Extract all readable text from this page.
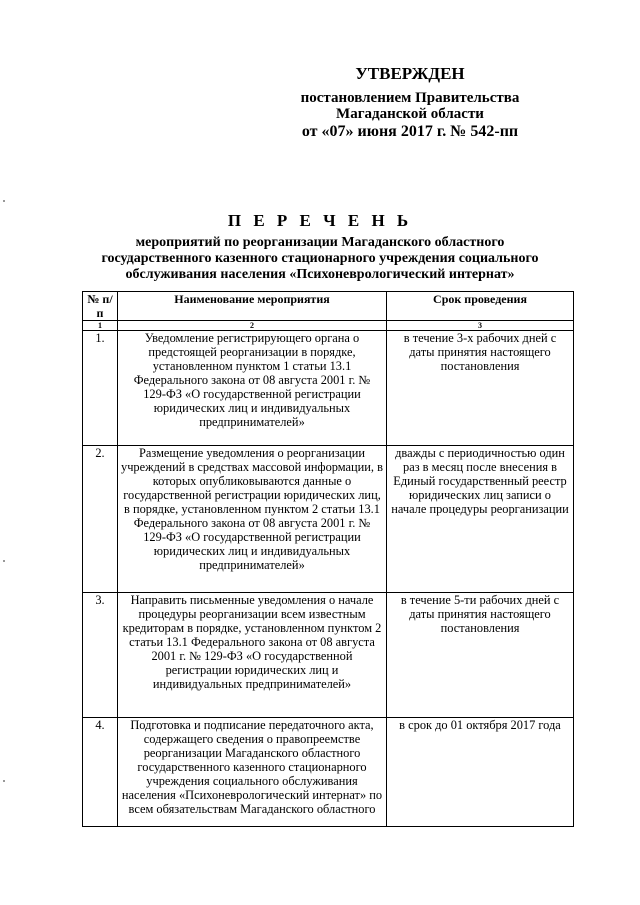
УТВЕРЖДЕН
постановлением Правительства
Магаданской области
от «07» июня 2017 г. № 542-пп
П Е Р Е Ч Е Н Ь
мероприятий по реорганизации Магаданского областного
государственного казенного стационарного учреждения социального
обслуживания населения «Психоневрологический интернат»
№ п/п	Наименование мероприятия	Срок проведения
1	2	3
1.	Уведомление регистрирующего органа о предстоящей реорганизации в порядке, установленном пунктом 1 статьи 13.1 Федерального закона от 08 августа 2001 г. № 129-ФЗ «О государственной регистрации юридических лиц и индивидуальных предпринимателей»	в течение 3-х рабочих дней с даты принятия настоящего постановления
2.	Размещение уведомления о реорганизации учреждений в средствах массовой информации, в которых опубликовываются данные о государственной регистрации юридических лиц, в порядке, установленном пунктом 2 статьи 13.1 Федерального закона от 08 августа 2001 г. № 129-ФЗ «О государственной регистрации юридических лиц и индивидуальных предпринимателей»	дважды с периодичностью один раз в месяц после внесения в Единый государственный реестр юридических лиц записи о начале процедуры реорганизации
3.	Направить письменные уведомления о начале процедуры реорганизации всем известным кредиторам в порядке, установленном пунктом 2 статьи 13.1 Федерального закона от 08 августа 2001 г. № 129-ФЗ «О государственной регистрации юридических лиц и индивидуальных предпринимателей»	в течение 5-ти рабочих дней с даты принятия настоящего постановления
4.	Подготовка и подписание передаточного акта, содержащего сведения о правопреемстве реорганизации Магаданского областного государственного казенного стационарного учреждения социального обслуживания населения «Психоневрологический интернат» по всем обязательствам Магаданского областного	в срок до 01 октября 2017 года
